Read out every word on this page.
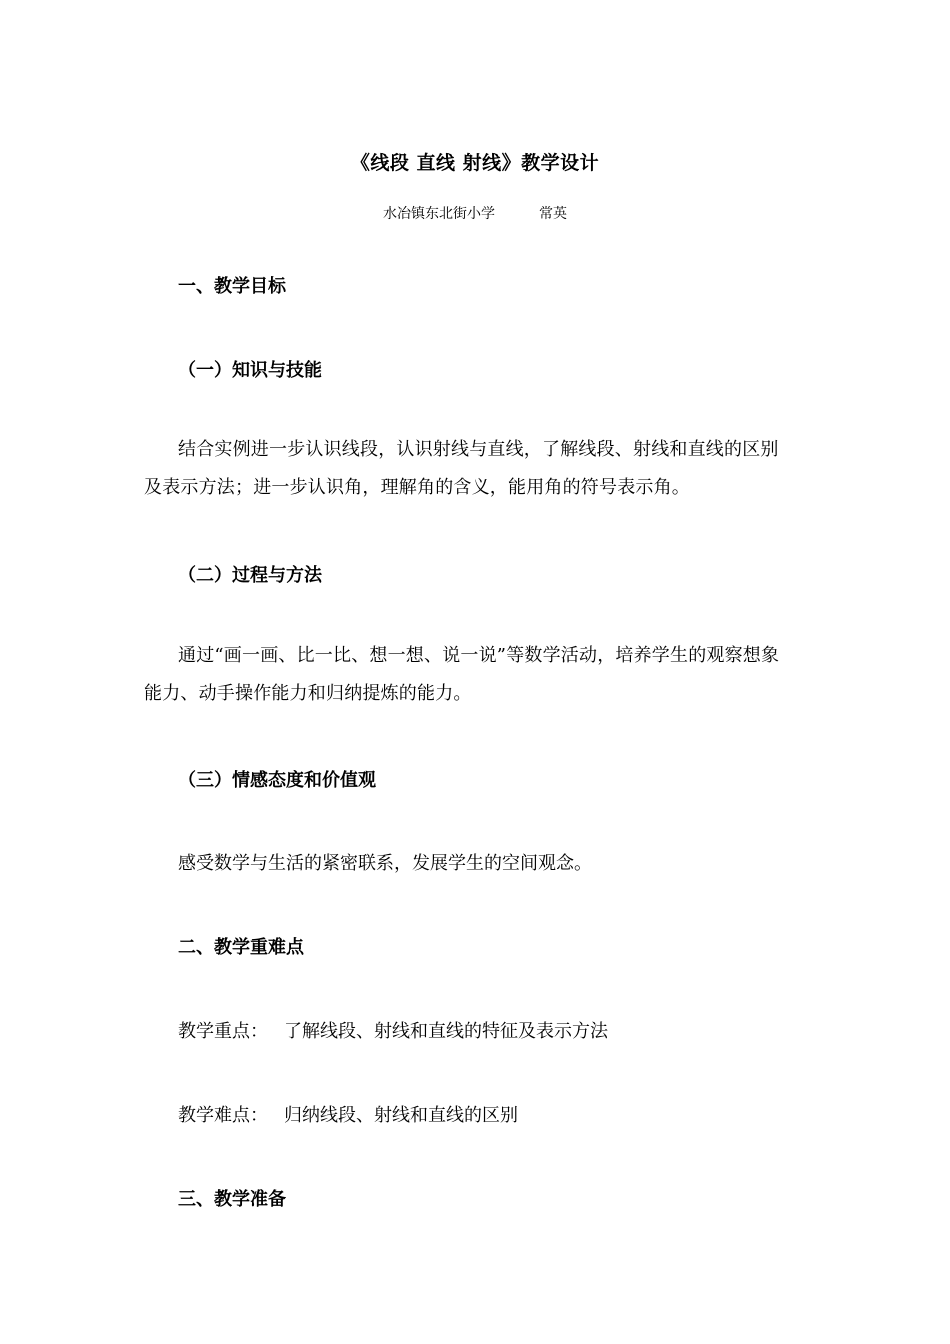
《线段 直线 射线》教学设计
水冶镇东北街小学	常英
一、教学目标
（一）知识与技能

结合实例进一步认识线段，认识射线与直线，了解线段、射线和直线的区别及表示方法；进一步认识角，理解角的含义，能用角的符号表示角。

（二）过程与方法

通过“画一画、比一比、想一想、说一说”等数学活动，培养学生的观察想象能力、动手操作能力和归纳提炼的能力。

（三）情感态度和价值观
感受数学与生活的紧密联系，发展学生的空间观念。
二、教学重难点
教学重点： 了解线段、射线和直线的特征及表示方法
教学难点： 归纳线段、射线和直线的区别
三、教学准备
